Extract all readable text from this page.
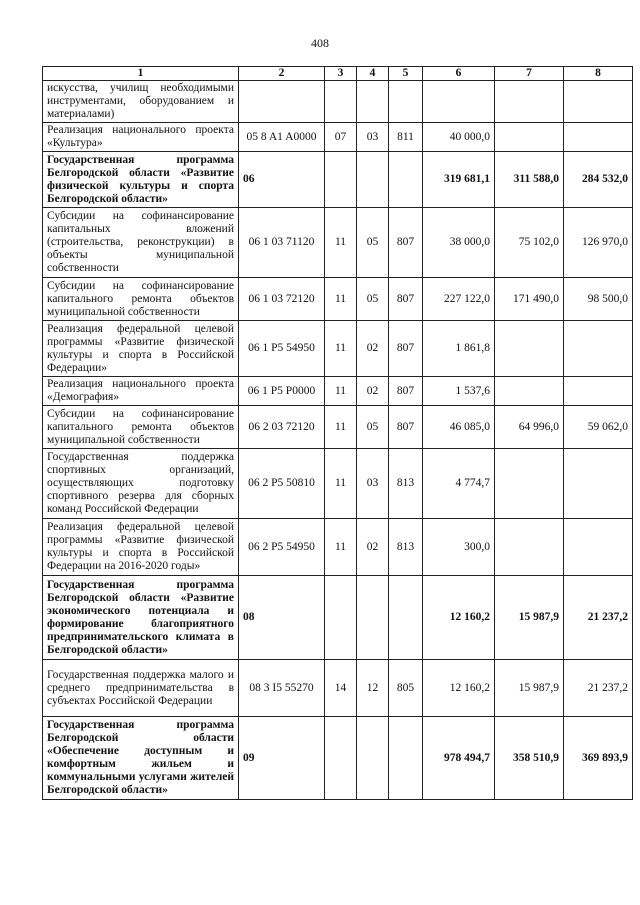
408
1	2	3	4	5	6	7	8
искусства, училищ необходимыми инструментами, оборудованием и материалами)							
Реализация национального проекта «Культура»	05 8 A1 A0000	07	03	811	40 000,0		
Государственная программа Белгородской области «Развитие физической культуры и спорта Белгородской области»	06				319 681,1	311 588,0	284 532,0
Субсидии на софинансирование капитальных вложений (строительства, реконструкции) в объекты муниципальной собственности	06 1 03 71120	11	05	807	38 000,0	75 102,0	126 970,0
Субсидии на софинансирование капитального ремонта объектов муниципальной собственности	06 1 03 72120	11	05	807	227 122,0	171 490,0	98 500,0
Реализация федеральной целевой программы «Развитие физической культуры и спорта в Российской Федерации»	06 1 P5 54950	11	02	807	1 861,8		
Реализация национального проекта «Демография»	06 1 P5 P0000	11	02	807	1 537,6		
Субсидии на софинансирование капитального ремонта объектов муниципальной собственности	06 2 03 72120	11	05	807	46 085,0	64 996,0	59 062,0
Государственная поддержка спортивных организаций, осуществляющих подготовку спортивного резерва для сборных команд Российской Федерации	06 2 P5 50810	11	03	813	4 774,7		
Реализация федеральной целевой программы «Развитие физической культуры и спорта в Российской Федерации на 2016-2020 годы»	06 2 P5 54950	11	02	813	300,0		
Государственная программа Белгородской области «Развитие экономического потенциала и формирование благоприятного предпринимательского климата в Белгородской области»	08				12 160,2	15 987,9	21 237,2
Государственная поддержка малого и среднего предпринимательства в субъектах Российской Федерации	08 3 I5 55270	14	12	805	12 160,2	15 987,9	21 237,2
Государственная программа Белгородской области «Обеспечение доступным и комфортным жильем и коммунальными услугами жителей Белгородской области»	09				978 494,7	358 510,9	369 893,9
